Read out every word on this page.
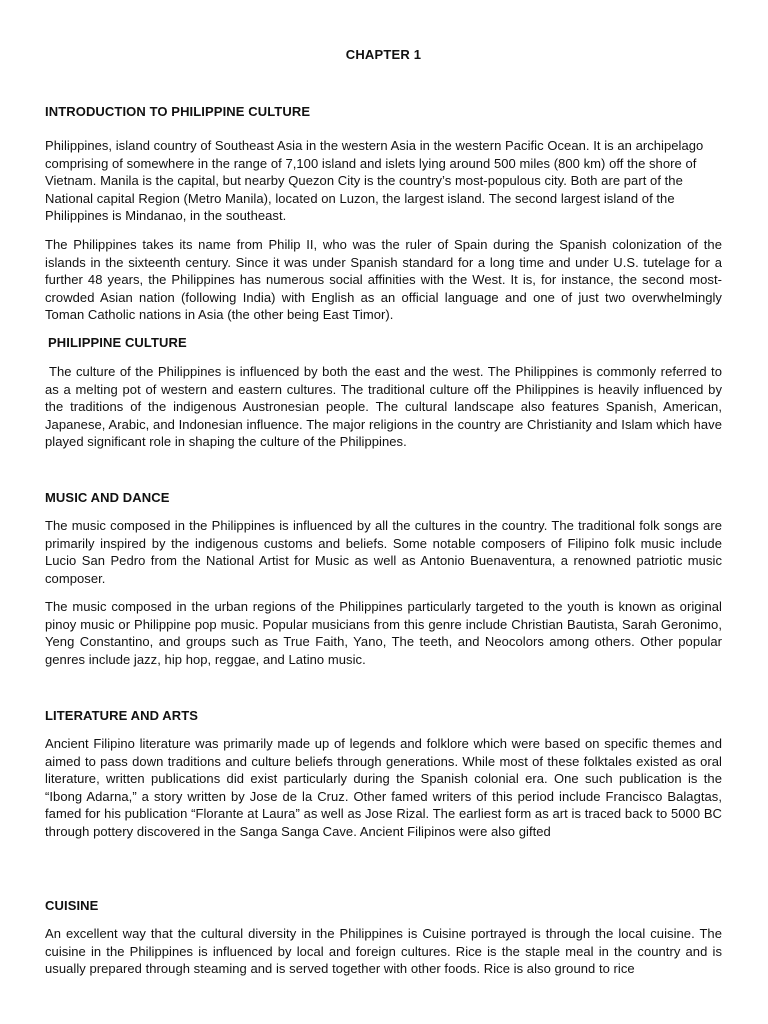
CHAPTER 1
INTRODUCTION TO PHILIPPINE CULTURE
Philippines, island country of Southeast Asia in the western Asia in the western Pacific Ocean. It is an archipelago comprising of somewhere in the range of 7,100 island and islets lying around 500 miles (800 km) off the shore of Vietnam. Manila is the capital, but nearby Quezon City is the country’s most-populous city. Both are part of the National capital Region (Metro Manila), located on Luzon, the largest island. The second largest island of the Philippines is Mindanao, in the southeast.
The Philippines takes its name from Philip II, who was the ruler of Spain during the Spanish colonization of the islands in the sixteenth century. Since it was under Spanish standard for a long time and under U.S. tutelage for a further 48 years, the Philippines has numerous social affinities with the West. It is, for instance, the second most-crowded Asian nation (following India) with English as an official language and one of just two overwhelmingly Toman Catholic nations in Asia (the other being East Timor).
PHILIPPINE CULTURE
The culture of the Philippines is influenced by both the east and the west. The Philippines is commonly referred to as a melting pot of western and eastern cultures. The traditional culture off the Philippines is heavily influenced by the traditions of the indigenous Austronesian people. The cultural landscape also features Spanish, American, Japanese, Arabic, and Indonesian influence. The major religions in the country are Christianity and Islam which have played significant role in shaping the culture of the Philippines.
MUSIC AND DANCE
The music composed in the Philippines is influenced by all the cultures in the country. The traditional folk songs are primarily inspired by the indigenous customs and beliefs. Some notable composers of Filipino folk music include Lucio San Pedro from the National Artist for Music as well as Antonio Buenaventura, a renowned patriotic music composer.
The music composed in the urban regions of the Philippines particularly targeted to the youth is known as original pinoy music or Philippine pop music. Popular musicians from this genre include Christian Bautista, Sarah Geronimo, Yeng Constantino, and groups such as True Faith, Yano, The teeth, and Neocolors among others. Other popular genres include jazz, hip hop, reggae, and Latino music.
LITERATURE AND ARTS
Ancient Filipino literature was primarily made up of legends and folklore which were based on specific themes and aimed to pass down traditions and culture beliefs through generations. While most of these folktales existed as oral literature, written publications did exist particularly during the Spanish colonial era. One such publication is the “Ibong Adarna,” a story written by Jose de la Cruz. Other famed writers of this period include Francisco Balagtas, famed for his publication “Florante at Laura” as well as Jose Rizal. The earliest form as art is traced back to 5000 BC through pottery discovered in the Sanga Sanga Cave. Ancient Filipinos were also gifted
CUISINE
An excellent way that the cultural diversity in the Philippines is Cuisine portrayed is through the local cuisine. The cuisine in the Philippines is influenced by local and foreign cultures. Rice is the staple meal in the country and is usually prepared through steaming and is served together with other foods. Rice is also ground to rice
